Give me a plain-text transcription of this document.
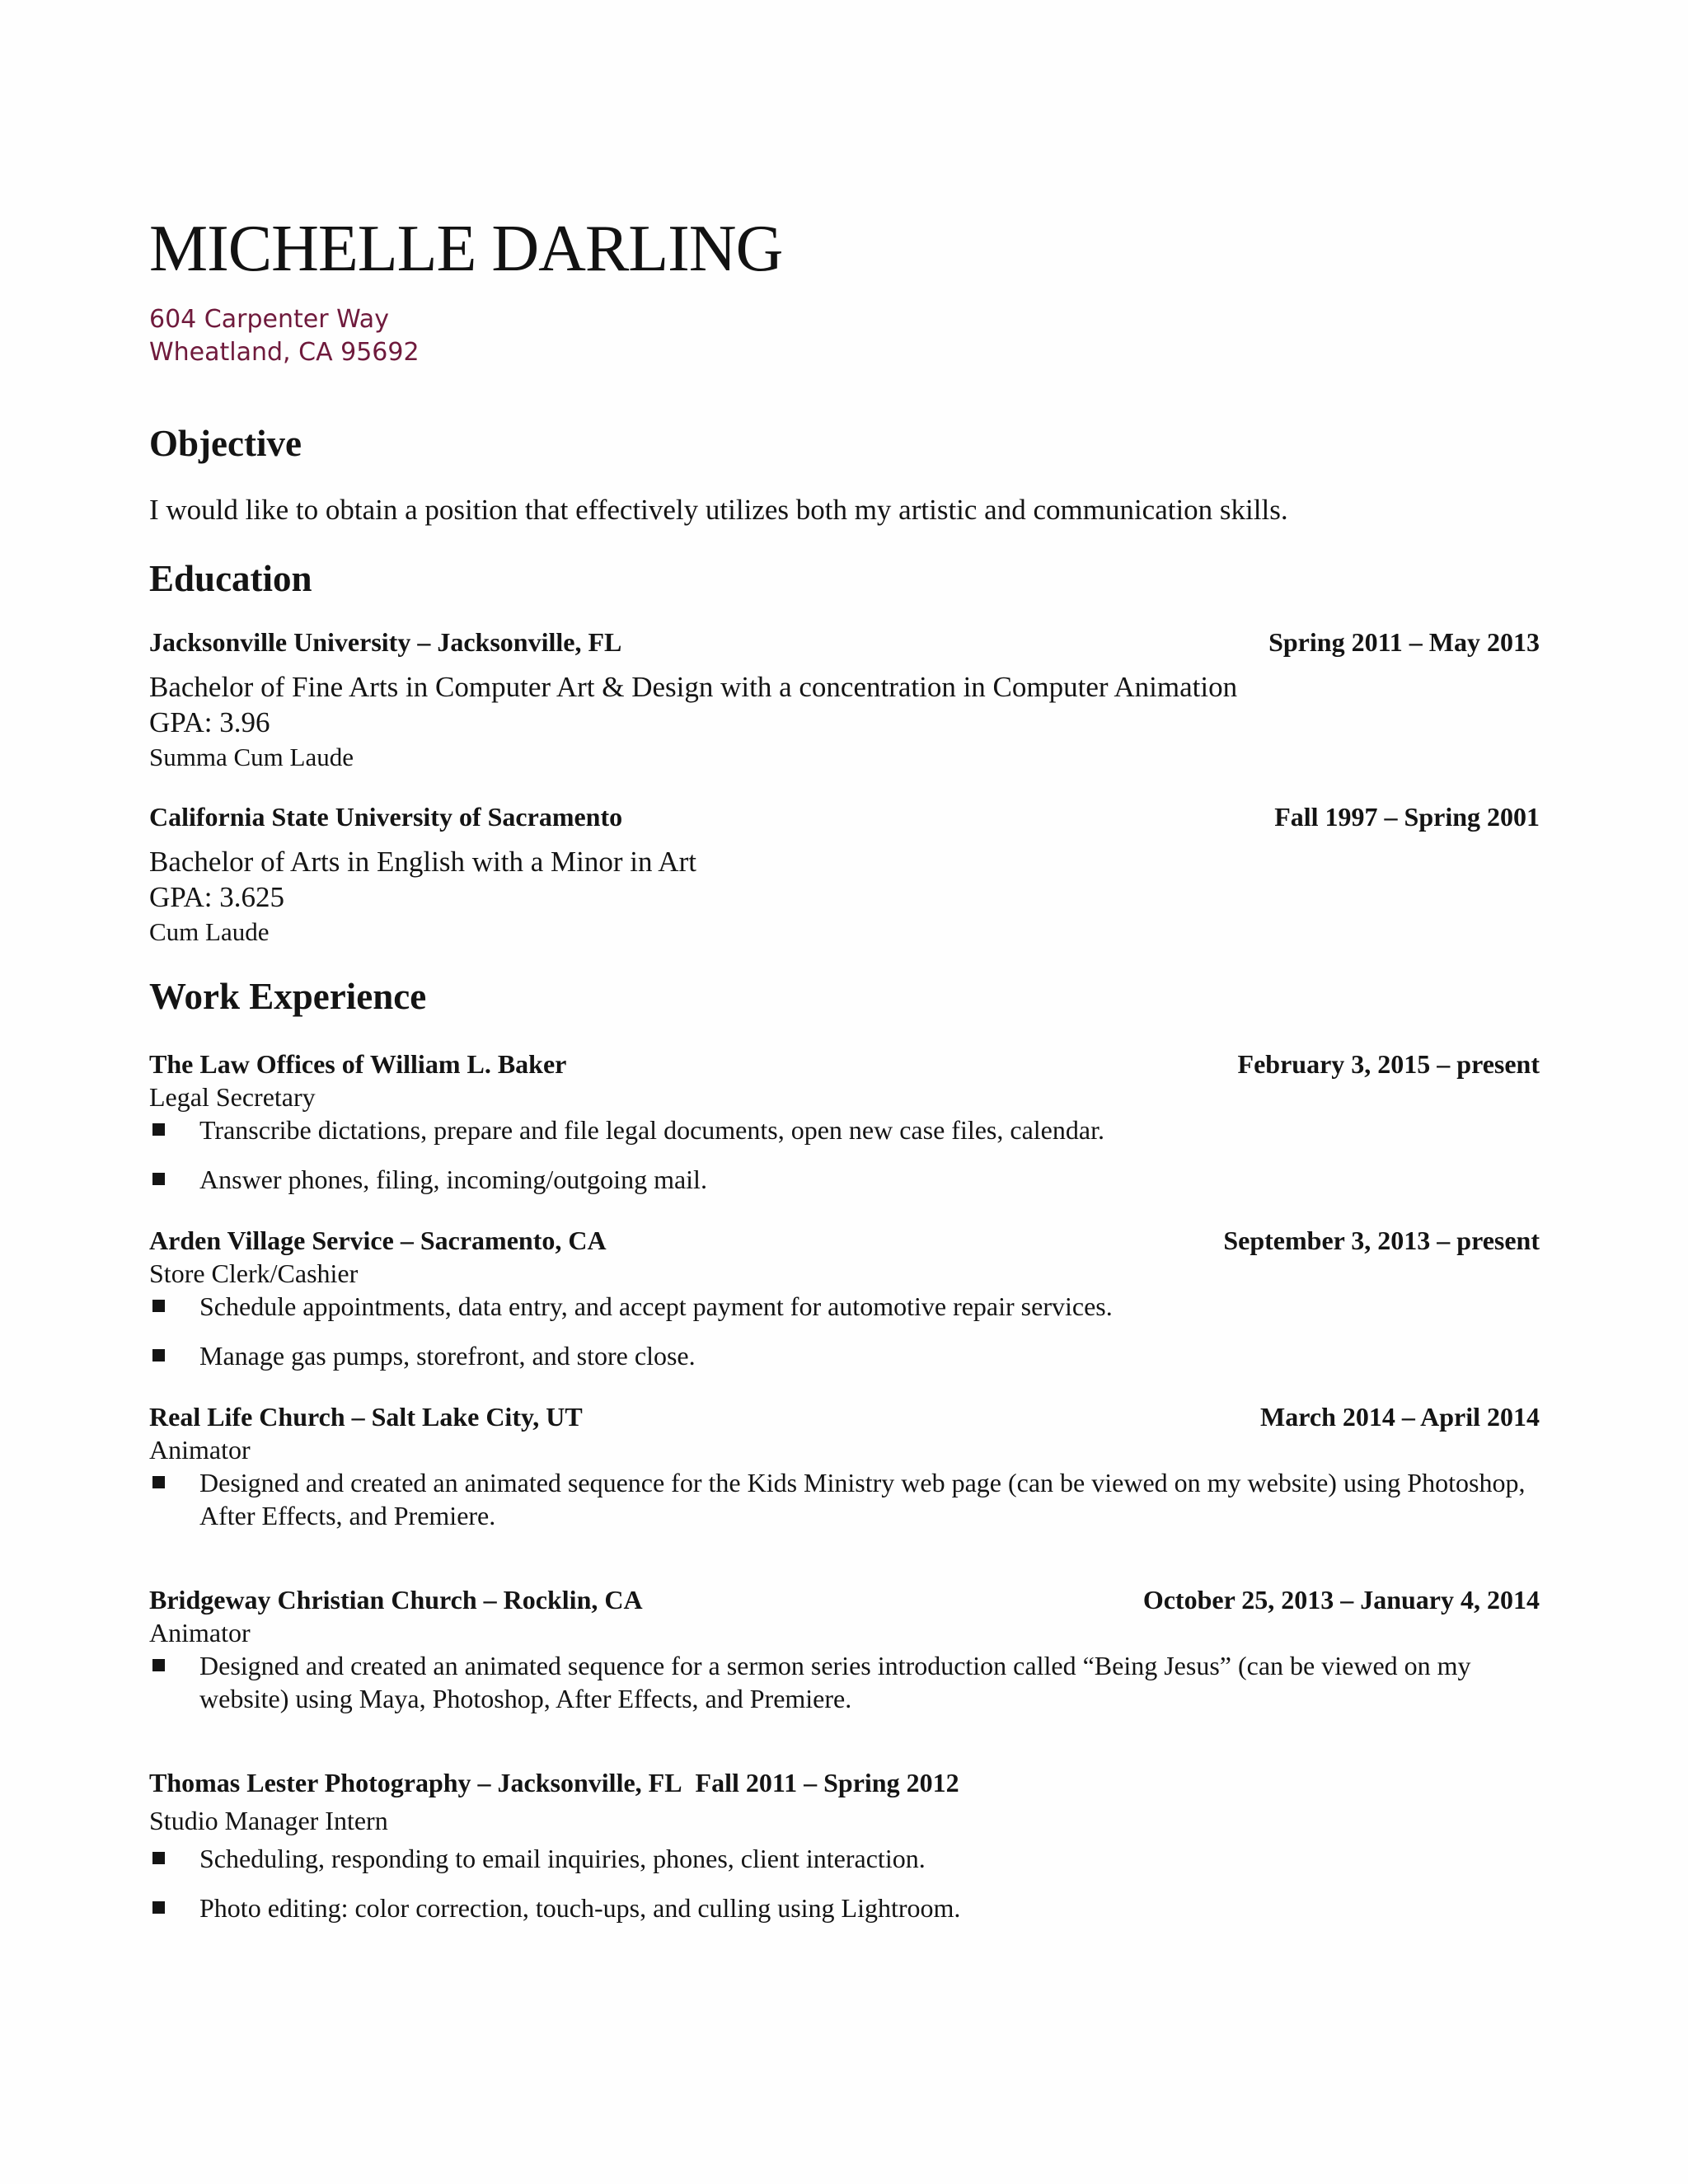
MICHELLE DARLING
604 Carpenter Way
Wheatland, CA 95692
Objective
I would like to obtain a position that effectively utilizes both my artistic and communication skills.
Education
Jacksonville University – Jacksonville, FL	Spring 2011 – May 2013
Bachelor of Fine Arts in Computer Art & Design with a concentration in Computer Animation
GPA: 3.96
Summa Cum Laude
California State University of Sacramento	Fall 1997 – Spring 2001
Bachelor of Arts in English with a Minor in Art
GPA: 3.625
Cum Laude
Work Experience
The Law Offices of William L. Baker	February 3, 2015 – present
Legal Secretary
Transcribe dictations, prepare and file legal documents, open new case files, calendar.
Answer phones, filing, incoming/outgoing mail.
Arden Village Service – Sacramento, CA	September 3, 2013 – present
Store Clerk/Cashier
Schedule appointments, data entry, and accept payment for automotive repair services.
Manage gas pumps, storefront, and store close.
Real Life Church – Salt Lake City, UT	March 2014 – April 2014
Animator
Designed and created an animated sequence for the Kids Ministry web page (can be viewed on my website) using Photoshop, After Effects, and Premiere.
Bridgeway Christian Church – Rocklin, CA	October 25, 2013 – January 4, 2014
Animator
Designed and created an animated sequence for a sermon series introduction called “Being Jesus” (can be viewed on my website) using Maya, Photoshop, After Effects, and Premiere.
Thomas Lester Photography – Jacksonville, FL Fall 2011 – Spring 2012
Studio Manager Intern
Scheduling, responding to email inquiries, phones, client interaction.
Photo editing: color correction, touch-ups, and culling using Lightroom.
